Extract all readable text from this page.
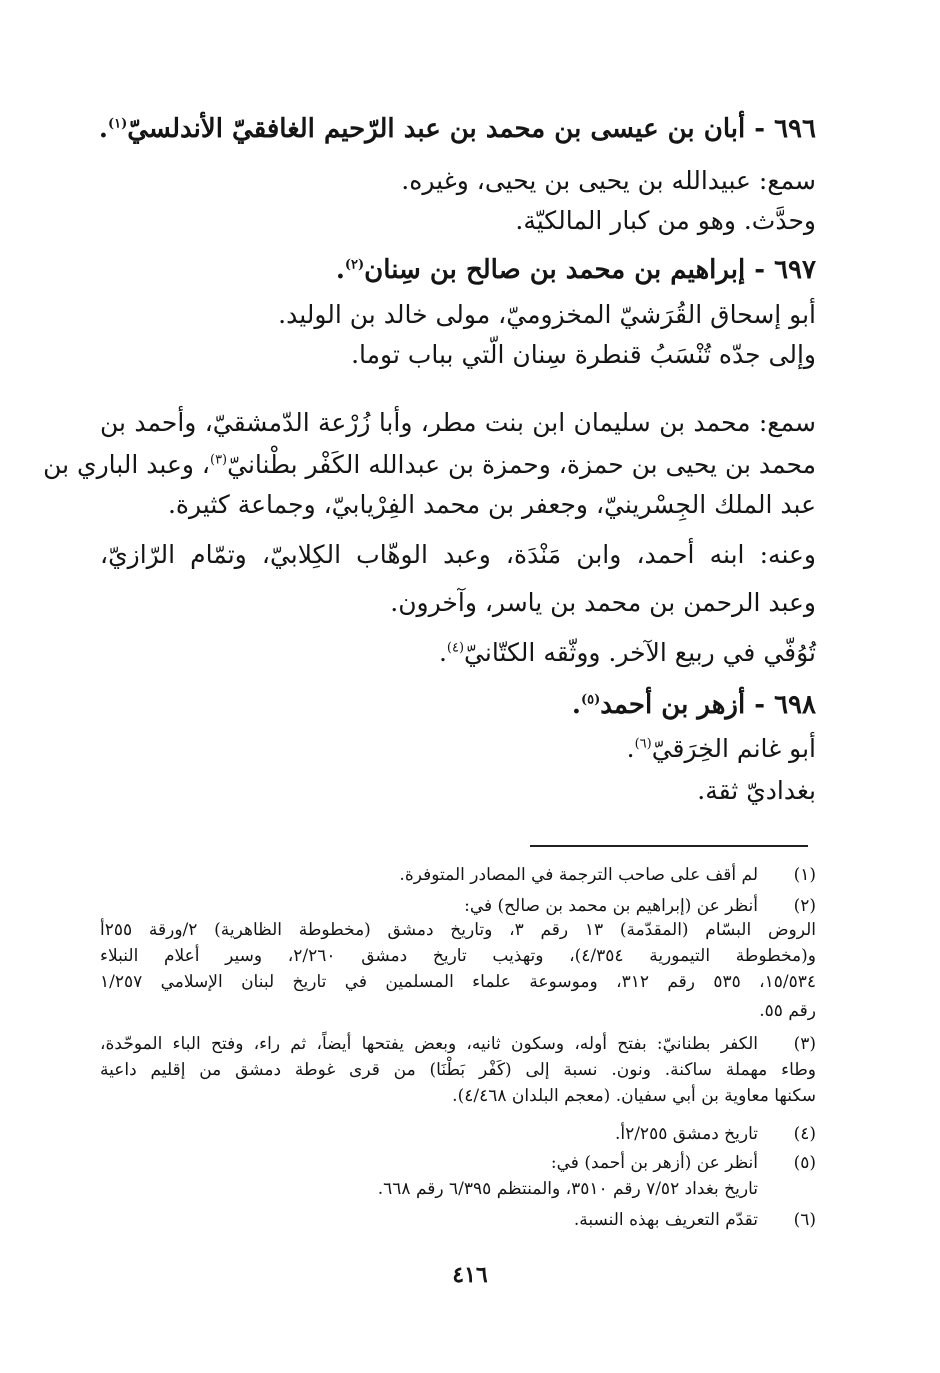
٦٩٦ - أبان بن عيسى بن محمد بن عبد الرّحيم الغافقيّ الأندلسيّ$^{(١)}$.
سمع: عبيدالله بن يحيى بن يحيى، وغيره.
وحدَّث. وهو من كبار المالكيّة.
٦٩٧ - إبراهيم بن محمد بن صالح بن سِنان$^{(٢)}$.
أبو إسحاق القُرَشيّ المخزوميّ، مولى خالد بن الوليد.
وإلى جدّه تُنْسَبُ قنطرة سِنان الّتي بباب توما.
سمع: محمد بن سليمان ابن بنت مطر، وأبا زُرْعة الدّمشقيّ، وأحمد بن
محمد بن يحيى بن حمزة، وحمزة بن عبدالله الكَفْر بطْنانيّ$^{(٣)}$، وعبد الباري بن
عبد الملك الجِسْرينيّ، وجعفر بن محمد الفِرْيابيّ، وجماعة كثيرة.
وعنه: ابنه أحمد، وابن مَنْدَة، وعبد الوهّاب الكِلابيّ، وتمّام الرّازيّ،
وعبد الرحمن بن محمد بن ياسر، وآخرون.
تُوُفّي في ربيع الآخر. ووثّقه الكتّانيّ$^{(٤)}$.
٦٩٨ - أزهر بن أحمد$^{(٥)}$.
أبو غانم الخِرَقيّ$^{(٦)}$.
بغداديّ ثقة.
(١)
لم أقف على صاحب الترجمة في المصادر المتوفرة.
(٢)
أنظر عن (إبراهيم بن محمد بن صالح) في:
الروض البسّام (المقدّمة) ١٣ رقم ٣، وتاريخ دمشق (مخطوطة الظاهرية) ٢/ورقة ٢٥٥أ
و(مخطوطة التيمورية ٤/٣٥٤)، وتهذيب تاريخ دمشق ٢/٢٦٠، وسير أعلام النبلاء
١٥/٥٣٤، ٥٣٥ رقم ٣١٢، وموسوعة علماء المسلمين في تاريخ لبنان الإسلامي ١/٢٥٧
رقم ٥٥.
(٣)
الكفر بطنانيّ: بفتح أوله، وسكون ثانيه، وبعض يفتحها أيضاً، ثم راء، وفتح الباء الموحّدة،
وطاء مهملة ساكنة. ونون. نسبة إلى (كَفْر بَطْنَا) من قرى غوطة دمشق من إقليم داعية
سكنها معاوية بن أبي سفيان. (معجم البلدان ٤/٤٦٨).
(٤)
تاريخ دمشق ٢/٢٥٥أ.
(٥)
أنظر عن (أزهر بن أحمد) في:
تاريخ بغداد ٧/٥٢ رقم ٣٥١٠، والمنتظم ٦/٣٩٥ رقم ٦٦٨.
(٦)
تقدّم التعريف بهذه النسبة.
٤١٦
